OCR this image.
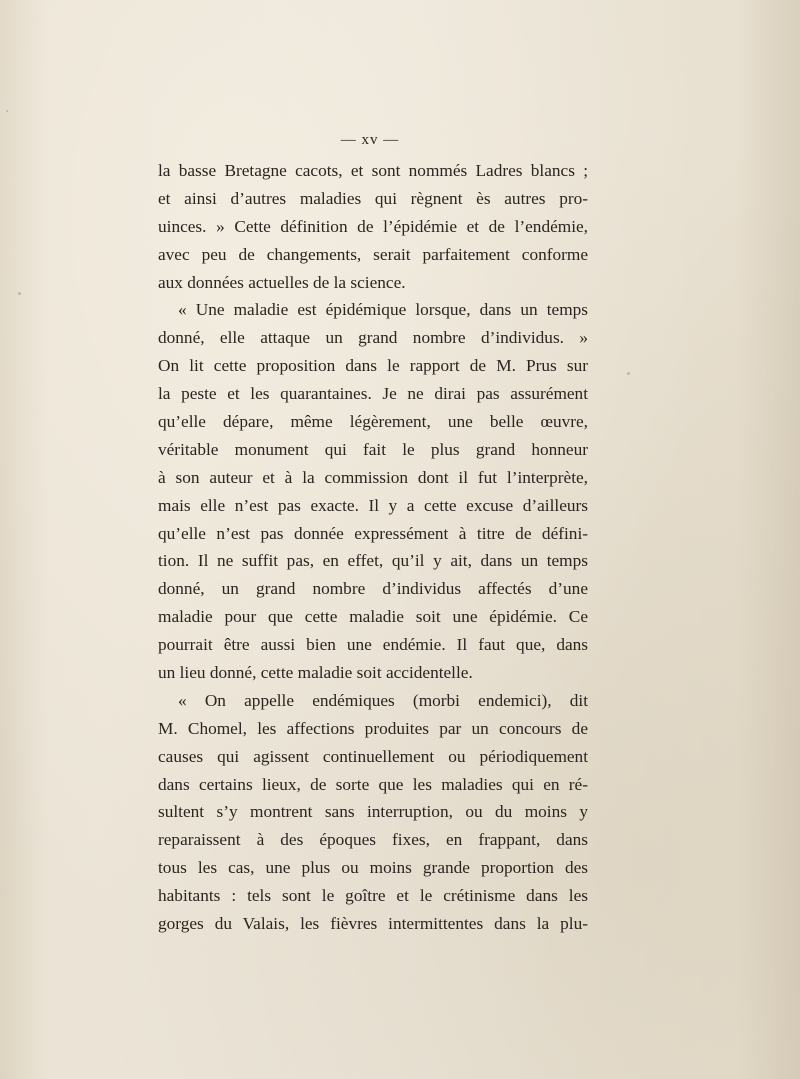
— xv —
la basse Bretagne cacots, et sont nommés Ladres blancs ;
et ainsi d’autres maladies qui règnent ès autres pro-
uinces. » Cette définition de l’épidémie et de l’endémie,
avec peu de changements, serait parfaitement conforme
aux données actuelles de la science.
« Une maladie est épidémique lorsque, dans un temps
donné, elle attaque un grand nombre d’individus. »
On lit cette proposition dans le rapport de M. Prus sur
la peste et les quarantaines. Je ne dirai pas assurément
qu’elle dépare, même légèrement, une belle œuvre,
véritable monument qui fait le plus grand honneur
à son auteur et à la commission dont il fut l’interprète,
mais elle n’est pas exacte. Il y a cette excuse d’ailleurs
qu’elle n’est pas donnée expressément à titre de défini-
tion. Il ne suffit pas, en effet, qu’il y ait, dans un temps
donné, un grand nombre d’individus affectés d’une
maladie pour que cette maladie soit une épidémie. Ce
pourrait être aussi bien une endémie. Il faut que, dans
un lieu donné, cette maladie soit accidentelle.
« On appelle endémiques (morbi endemici), dit
M. Chomel, les affections produites par un concours de
causes qui agissent continuellement ou périodiquement
dans certains lieux, de sorte que les maladies qui en ré-
sultent s’y montrent sans interruption, ou du moins y
reparaissent à des époques fixes, en frappant, dans
tous les cas, une plus ou moins grande proportion des
habitants : tels sont le goître et le crétinisme dans les
gorges du Valais, les fièvres intermittentes dans la plu-
